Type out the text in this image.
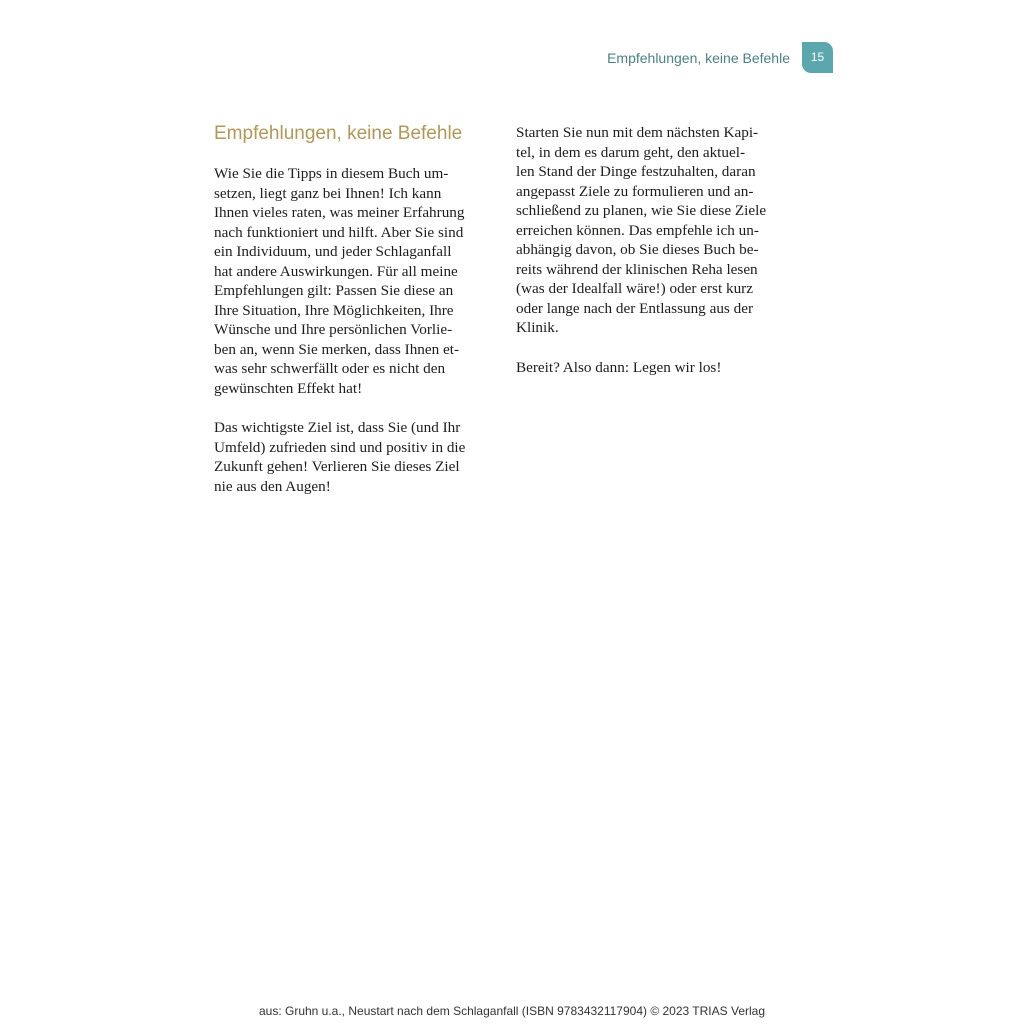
Empfehlungen, keine Befehle	15
Empfehlungen, keine Befehle

Wie Sie die Tipps in diesem Buch um-
setzen, liegt ganz bei Ihnen! Ich kann
Ihnen vieles raten, was meiner Erfahrung
nach funktioniert und hilft. Aber Sie sind
ein Individuum, und jeder Schlaganfall
hat andere Auswirkungen. Für all meine
Empfehlungen gilt: Passen Sie diese an
Ihre Situation, Ihre Möglichkeiten, Ihre
Wünsche und Ihre persönlichen Vorlie-
ben an, wenn Sie merken, dass Ihnen et-
was sehr schwerfällt oder es nicht den
gewünschten Effekt hat!

Das wichtigste Ziel ist, dass Sie (und Ihr
Umfeld) zufrieden sind und positiv in die
Zukunft gehen! Verlieren Sie dieses Ziel
nie aus den Augen!

Starten Sie nun mit dem nächsten Kapi-
tel, in dem es darum geht, den aktuel-
len Stand der Dinge festzuhalten, daran
angepasst Ziele zu formulieren und an-
schließend zu planen, wie Sie diese Ziele
erreichen können. Das empfehle ich un-
abhängig davon, ob Sie dieses Buch be-
reits während der klinischen Reha lesen
(was der Idealfall wäre!) oder erst kurz
oder lange nach der Entlassung aus der
Klinik.

Bereit? Also dann: Legen wir los!

aus: Gruhn u.a., Neustart nach dem Schlaganfall (ISBN 9783432117904) © 2023 TRIAS Verlag
